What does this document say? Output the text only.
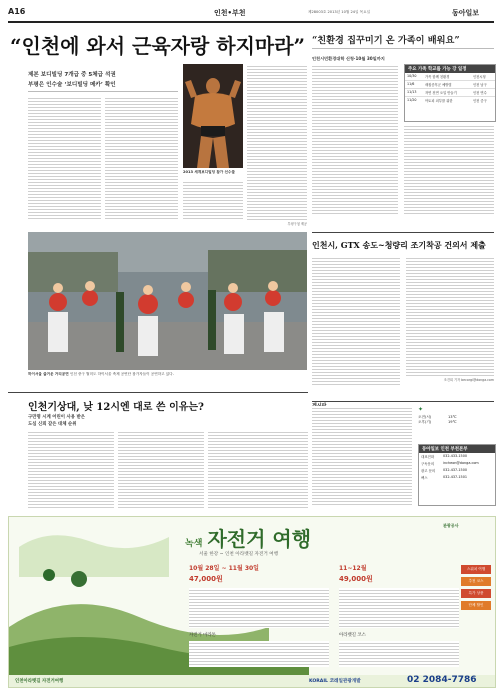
A16	인천•부천	제28003호 2013년 10월 24일 목요일	동아일보
“인천에 와서 근육자랑 하지마라”
제본 보디빌딩 7개급 중 5체급 석권
부평은 인수술 ‘보디빌딩 메카’ 확인
2013 세계보디빌딩 참가 선수들
부평구청 제공
“친환경 집꾸미기 온 가족이 배워요”
인천시민환경대학 신청·10월 30일까지
주요 가족 학교를 가능 강 일정
10/30	가족 함께 친환경	인천시청
11/6	새집증후군 예방법	인천 남구
11/13	자연 천연 오일 만들기	인천 연수
11/20	아토피 피부를 위한	인천 중구
인천시, GTX 송도~청량리 조기착공 건의서 제출
조건희 기자 becorgi@donga.com
하이서울 줄거운 거리공연 인천 중구 월미도 하이서울 축제 공연단 참가자들이 공연하고 있다.
인천기상대, 낮 12시엔 대로 쓴 이유는?
구만명 시계 어린이 사용 받은
도심 신뢰 같은 대체 순위
✦
오전(서)	13℃
오후(기)	19℃
동아일보 인천 부천본부
대표전화	032-433-1500
구독문의	incheon@donga.com
광고 문의	032-437-1500
팩스	032-437-1501
녹색 자전거 여행
서울 한강 ~ 인천 아라뱃길 자전거 여행
10월 28일 ~ 11월 30일
47,000원
자전거 마라톤
11~12월
49,000원
아라뱃길 코스
스위치 여행
추천 코스
특가 상품
단체 할인
관광공사
인천아라뱃길 자전거여행	KORAIL 코레일관광개발	02 2084-7786
